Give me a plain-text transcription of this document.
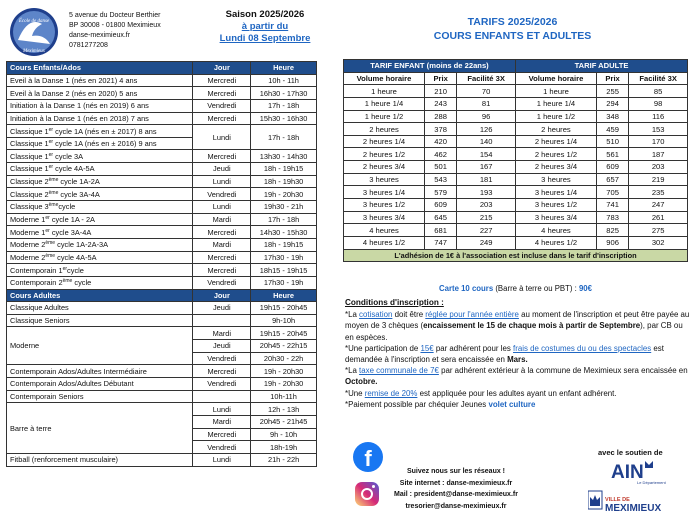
École de danse
Meximieux
5 avenue du Docteur Berthier
BP 30008 - 01800 Meximieux
danse-meximieux.fr
0781277208
Saison 2025/2026
à partir du
Lundi 08 Septembre
TARIFS 2025/2026
COURS ENFANTS ET ADULTES
Cours Enfants/Ados	Jour	Heure
Eveil à la Danse 1 (nés en 2021) 4 ans	Mercredi	10h - 11h
Eveil à la Danse 2 (nés en 2020) 5 ans	Mercredi	16h30 - 17h30
Initiation à la Danse 1 (nés en 2019) 6 ans	Vendredi	17h - 18h
Initiation à la Danse 1 (nés en 2018) 7 ans	Mercredi	15h30 - 16h30
Classique 1er cycle 1A (nés en ± 2017) 8 ans	Lundi	17h - 18h
Classique 1er cycle 1A (nés en ± 2016) 9 ans		
Classique 1er cycle 3A	Mercredi	13h30 - 14h30
Classique 1er cycle 4A-5A	Jeudi	18h - 19h15
Classique 2ème cycle 1A-2A	Lundi	18h - 19h30
Classique 2ème cycle 3A-4A	Vendredi	19h - 20h30
Classique 3èmecycle	Lundi	19h30 - 21h
Moderne 1er cycle 1A - 2A	Mardi	17h - 18h
Moderne 1er cycle 3A-4A	Mercredi	14h30 - 15h30
Moderne 2ème cycle 1A-2A-3A	Mardi	18h - 19h15
Moderne 2ème cycle 4A-5A	Mercredi	17h30 - 19h
Contemporain 1ercycle	Mercredi	18h15 - 19h15
Contemporain 2ème cycle	Vendredi	17h30 - 19h
Cours Adultes	Jour	Heure
Classique Adultes	Jeudi	19h15 - 20h45
Classique Seniors		9h-10h
Moderne	Mardi	19h15 - 20h45
	Jeudi	20h45 - 22h15
	Vendredi	20h30 - 22h
Contemporain Ados/Adultes Intermédiaire	Mercredi	19h - 20h30
Contemporain Ados/Adultes Débutant	Vendredi	19h - 20h30
Contemporain Seniors		10h-11h
Barre à terre	Lundi	12h - 13h
	Mardi	20h45 - 21h45
	Mercredi	9h - 10h
	Vendredi	18h-19h
Fitball (renforcement musculaire)	Lundi	21h - 22h
TARIF ENFANT (moins de 22ans)			TARIF ADULTE		
Volume horaire	Prix	Facilité 3X	Volume horaire	Prix	Facilité 3X
1 heure	210	70	1 heure	255	85
1 heure 1/4	243	81	1 heure 1/4	294	98
1 heure 1/2	288	96	1 heure 1/2	348	116
2 heures	378	126	2 heures	459	153
2 heures 1/4	420	140	2 heures 1/4	510	170
2 heures 1/2	462	154	2 heures 1/2	561	187
2 heures 3/4	501	167	2 heures 3/4	609	203
3 heures	543	181	3 heures	657	219
3 heures 1/4	579	193	3 heures 1/4	705	235
3 heures 1/2	609	203	3 heures 1/2	741	247
3 heures 3/4	645	215	3 heures 3/4	783	261
4 heures	681	227	4 heures	825	275
4 heures 1/2	747	249	4 heures 1/2	906	302
L'adhésion de 1€ à l'association est incluse dans le tarif d'inscription					
Carte 10 cours (Barre à terre ou PBT) : 90€
Conditions d'inscription :
*La cotisation doit être réglée pour l'année entière au moment de l'inscription et peut être payée au moyen de 3 chèques (encaissement le 15 de chaque mois à partir de Septembre), par CB ou en espèces.
*Une participation de 15€ par adhérent pour les frais de costumes du ou des spectacles est demandée à l'inscription et sera encaissée en Mars.
*La taxe communale de 7€ par adhérent extérieur à la commune de Meximieux sera encaissée en Octobre.
*Une remise de 20% est appliquée pour les adultes ayant un enfant adhérent.
*Paiement possible par chéquier Jeunes volet culture
f
Suivez nous sur les réseaux !
Site internet : danse-meximieux.fr
Mail : president@danse-meximieux.fr
tresorier@danse-meximieux.fr
avec le soutien de
AIN
Le Département
VILLE DE
MEXIMIEUX
